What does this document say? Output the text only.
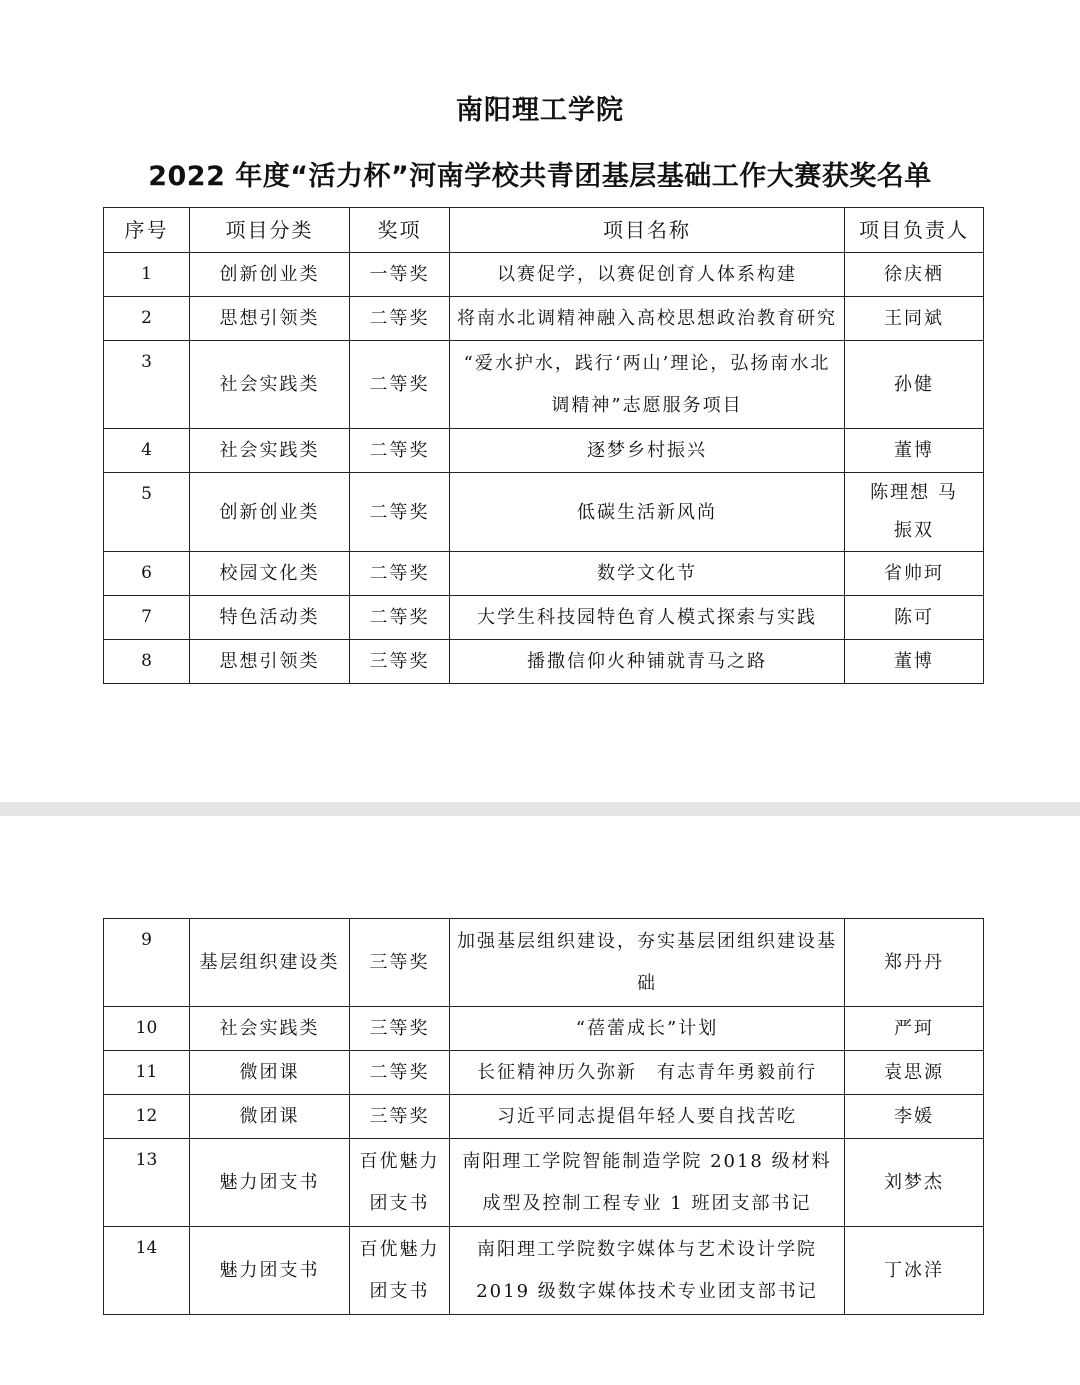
南阳理工学院
2022 年度“活力杯”河南学校共青团基层基础工作大赛获奖名单
序号	项目分类	奖项	项目名称	项目负责人
1	创新创业类	一等奖	以赛促学，以赛促创育人体系构建	徐庆栖
2	思想引领类	二等奖	将南水北调精神融入高校思想政治教育研究	王同斌
3	社会实践类	二等奖	“爱水护水，践行‘两山’理论，弘扬南水北调精神”志愿服务项目	孙健
4	社会实践类	二等奖	逐梦乡村振兴	董博
5	创新创业类	二等奖	低碳生活新风尚	陈理想 马振双
6	校园文化类	二等奖	数学文化节	省帅珂
7	特色活动类	二等奖	大学生科技园特色育人模式探索与实践	陈可
8	思想引领类	三等奖	播撒信仰火种铺就青马之路	董博
9	基层组织建设类	三等奖	加强基层组织建设，夯实基层团组织建设基础	郑丹丹
10	社会实践类	三等奖	“蓓蕾成长”计划	严珂
11	微团课	二等奖	长征精神历久弥新　有志青年勇毅前行	袁思源
12	微团课	三等奖	习近平同志提倡年轻人要自找苦吃	李媛
13	魅力团支书	百优魅力团支书	南阳理工学院智能制造学院 2018 级材料成型及控制工程专业 1 班团支部书记	刘梦杰
14	魅力团支书	百优魅力团支书	南阳理工学院数字媒体与艺术设计学院 2019 级数字媒体技术专业团支部书记	丁冰洋
